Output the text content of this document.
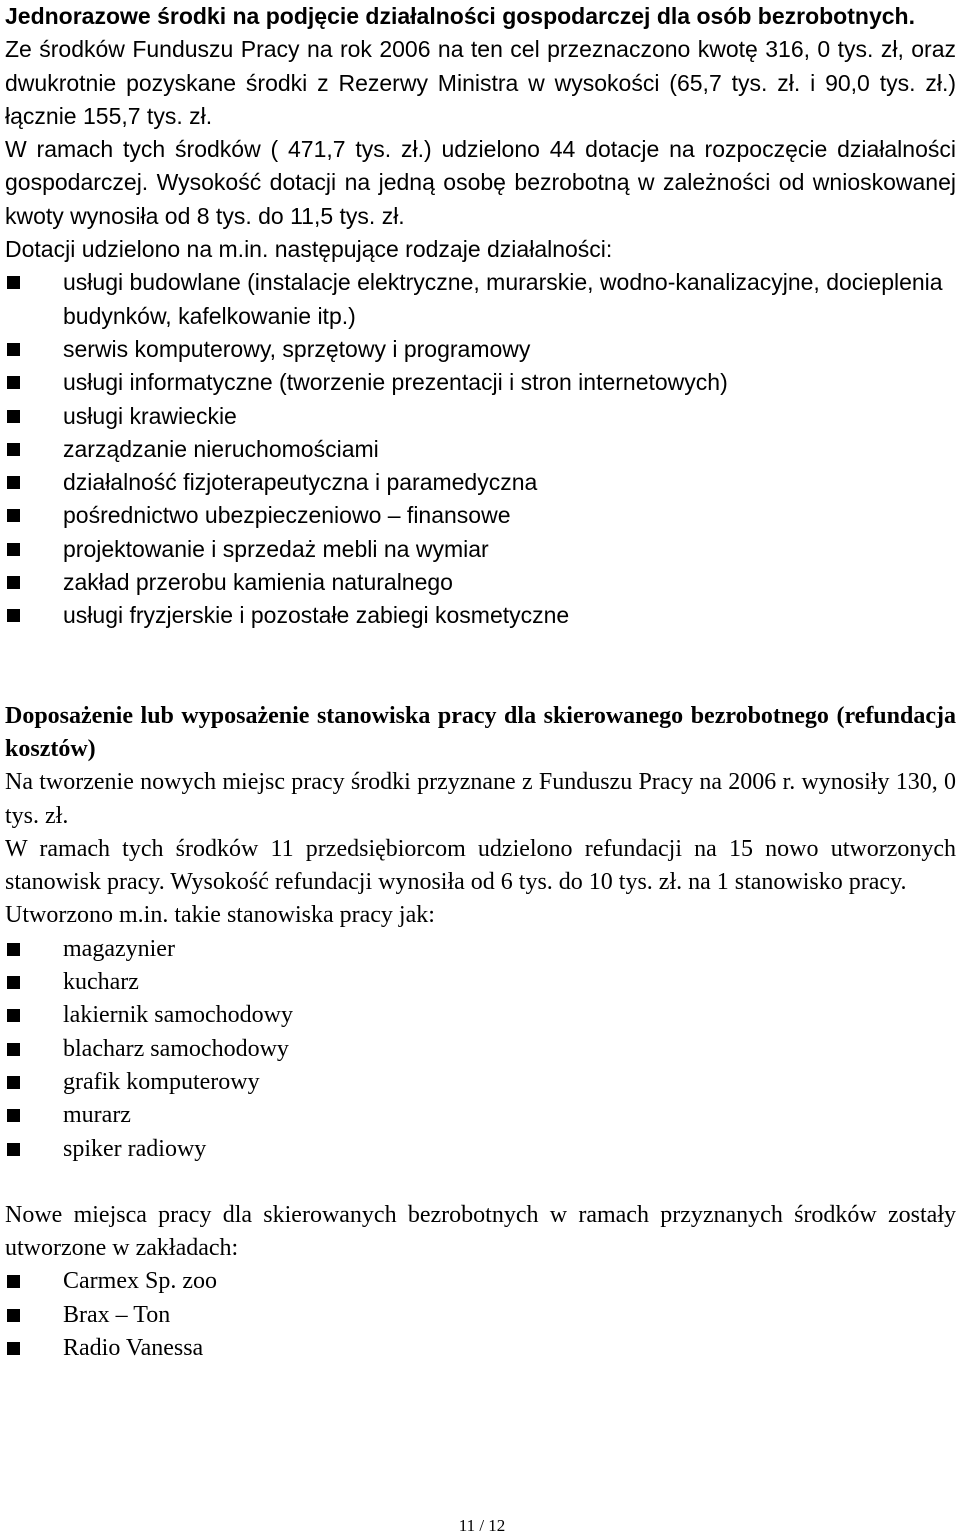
Jednorazowe środki na podjęcie działalności gospodarczej dla osób bezrobotnych.

Ze środków Funduszu Pracy na rok 2006 na ten cel przeznaczono kwotę 316, 0 tys. zł, oraz dwukrotnie pozyskane środki z Rezerwy Ministra w wysokości (65,7 tys. zł. i 90,0 tys. zł.) łącznie 155,7 tys. zł.

W ramach tych środków ( 471,7 tys. zł.) udzielono 44 dotacje na rozpoczęcie działalności gospodarczej. Wysokość dotacji na jedną osobę bezrobotną w zależności od wnioskowanej kwoty wynosiła od 8 tys. do 11,5 tys. zł.

Dotacji udzielono na m.in. następujące rodzaje działalności:

usługi budowlane (instalacje elektryczne, murarskie, wodno-kanalizacyjne, docieplenia budynków, kafelkowanie itp.)
serwis komputerowy, sprzętowy i programowy
usługi informatyczne (tworzenie prezentacji i stron internetowych)
usługi krawieckie
zarządzanie nieruchomościami
działalność fizjoterapeutyczna i paramedyczna
pośrednictwo ubezpieczeniowo – finansowe
projektowanie i sprzedaż mebli na wymiar
zakład przerobu kamienia naturalnego
usługi fryzjerskie i pozostałe zabiegi kosmetyczne

Doposażenie lub wyposażenie stanowiska pracy dla skierowanego bezrobotnego (refundacja kosztów)

Na tworzenie nowych miejsc pracy środki przyznane z Funduszu Pracy na 2006 r. wynosiły 130, 0 tys. zł.

W ramach tych środków 11 przedsiębiorcom udzielono refundacji na 15 nowo utworzonych stanowisk pracy. Wysokość refundacji wynosiła od 6 tys. do 10 tys. zł. na 1 stanowisko pracy.

Utworzono m.in. takie stanowiska pracy jak:

magazynier
kucharz
lakiernik samochodowy
blacharz samochodowy
grafik komputerowy
murarz
spiker radiowy

Nowe miejsca pracy dla skierowanych bezrobotnych w ramach przyznanych środków zostały utworzone w zakładach:

Carmex Sp. zoo
Brax – Ton
Radio Vanessa
11 / 12
